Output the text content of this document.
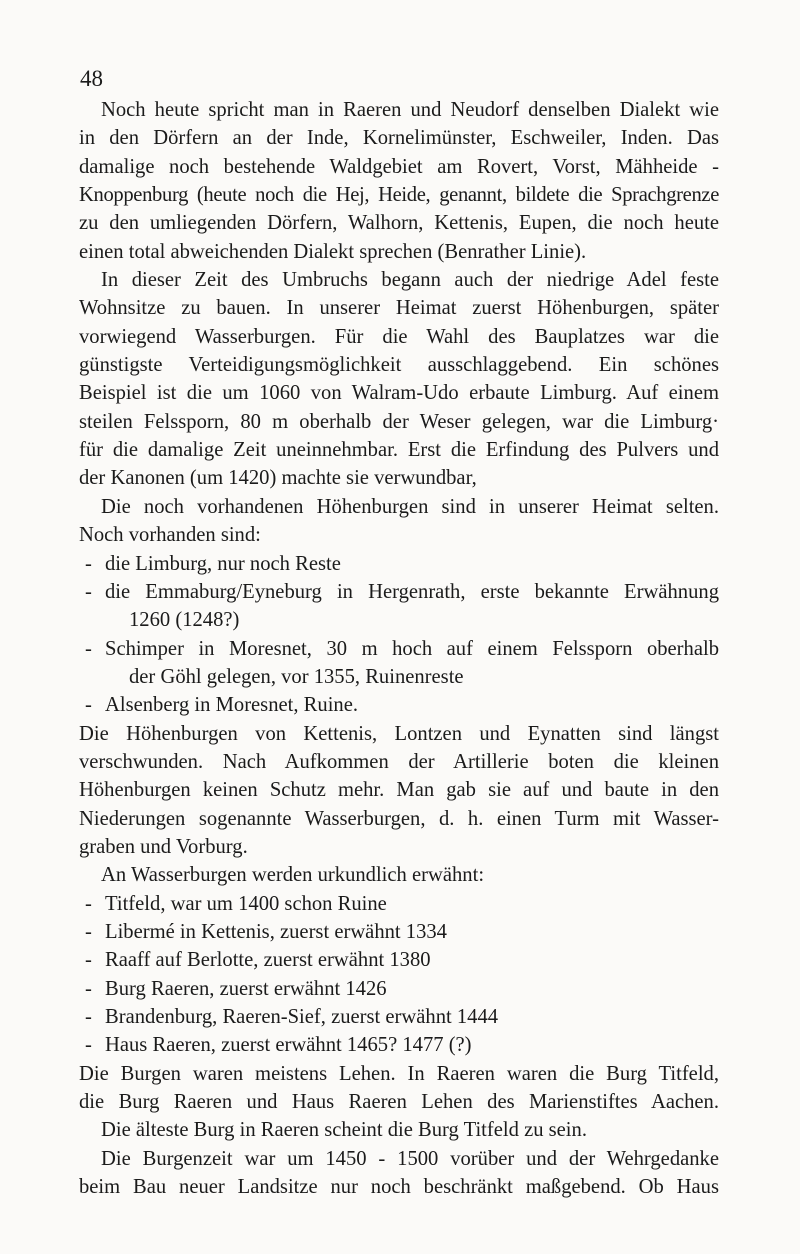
48
Noch heute spricht man in Raeren und Neudorf denselben Dialekt wie
in den Dörfern an der Inde, Kornelimünster, Eschweiler, Inden. Das
damalige noch bestehende Waldgebiet am Rovert, Vorst, Mähheide -
Knoppenburg (heute noch die Hej, Heide, genannt, bildete die Sprachgrenze
zu den umliegenden Dörfern, Walhorn, Kettenis, Eupen, die noch heute
einen total abweichenden Dialekt sprechen (Benrather Linie).
In dieser Zeit des Umbruchs begann auch der niedrige Adel feste
Wohnsitze zu bauen. In unserer Heimat zuerst Höhenburgen, später
vorwiegend Wasserburgen. Für die Wahl des Bauplatzes war die
günstigste Verteidigungsmöglichkeit ausschlaggebend. Ein schönes
Beispiel ist die um 1060 von Walram-Udo erbaute Limburg. Auf einem
steilen Felssporn, 80 m oberhalb der Weser gelegen, war die Limburg·
für die damalige Zeit uneinnehmbar. Erst die Erfindung des Pulvers und
der Kanonen (um 1420) machte sie verwundbar,
Die noch vorhandenen Höhenburgen sind in unserer Heimat selten.
Noch vorhanden sind:
- die Limburg, nur noch Reste
- die Emmaburg/Eyneburg in Hergenrath, erste bekannte Erwähnung
1260 (1248?)
- Schimper in Moresnet, 30 m hoch auf einem Felssporn oberhalb
der Göhl gelegen, vor 1355, Ruinenreste
- Alsenberg in Moresnet, Ruine.
Die Höhenburgen von Kettenis, Lontzen und Eynatten sind längst
verschwunden. Nach Aufkommen der Artillerie boten die kleinen
Höhenburgen keinen Schutz mehr. Man gab sie auf und baute in den
Niederungen sogenannte Wasserburgen, d. h. einen Turm mit Wasser-
graben und Vorburg.
An Wasserburgen werden urkundlich erwähnt:
- Titfeld, war um 1400 schon Ruine
- Libermé in Kettenis, zuerst erwähnt 1334
- Raaff auf Berlotte, zuerst erwähnt 1380
- Burg Raeren, zuerst erwähnt 1426
- Brandenburg, Raeren-Sief, zuerst erwähnt 1444
- Haus Raeren, zuerst erwähnt 1465? 1477 (?)
Die Burgen waren meistens Lehen. In Raeren waren die Burg Titfeld,
die Burg Raeren und Haus Raeren Lehen des Marienstiftes Aachen.
Die älteste Burg in Raeren scheint die Burg Titfeld zu sein.
Die Burgenzeit war um 1450 - 1500 vorüber und der Wehrgedanke
beim Bau neuer Landsitze nur noch beschränkt maßgebend. Ob Haus
